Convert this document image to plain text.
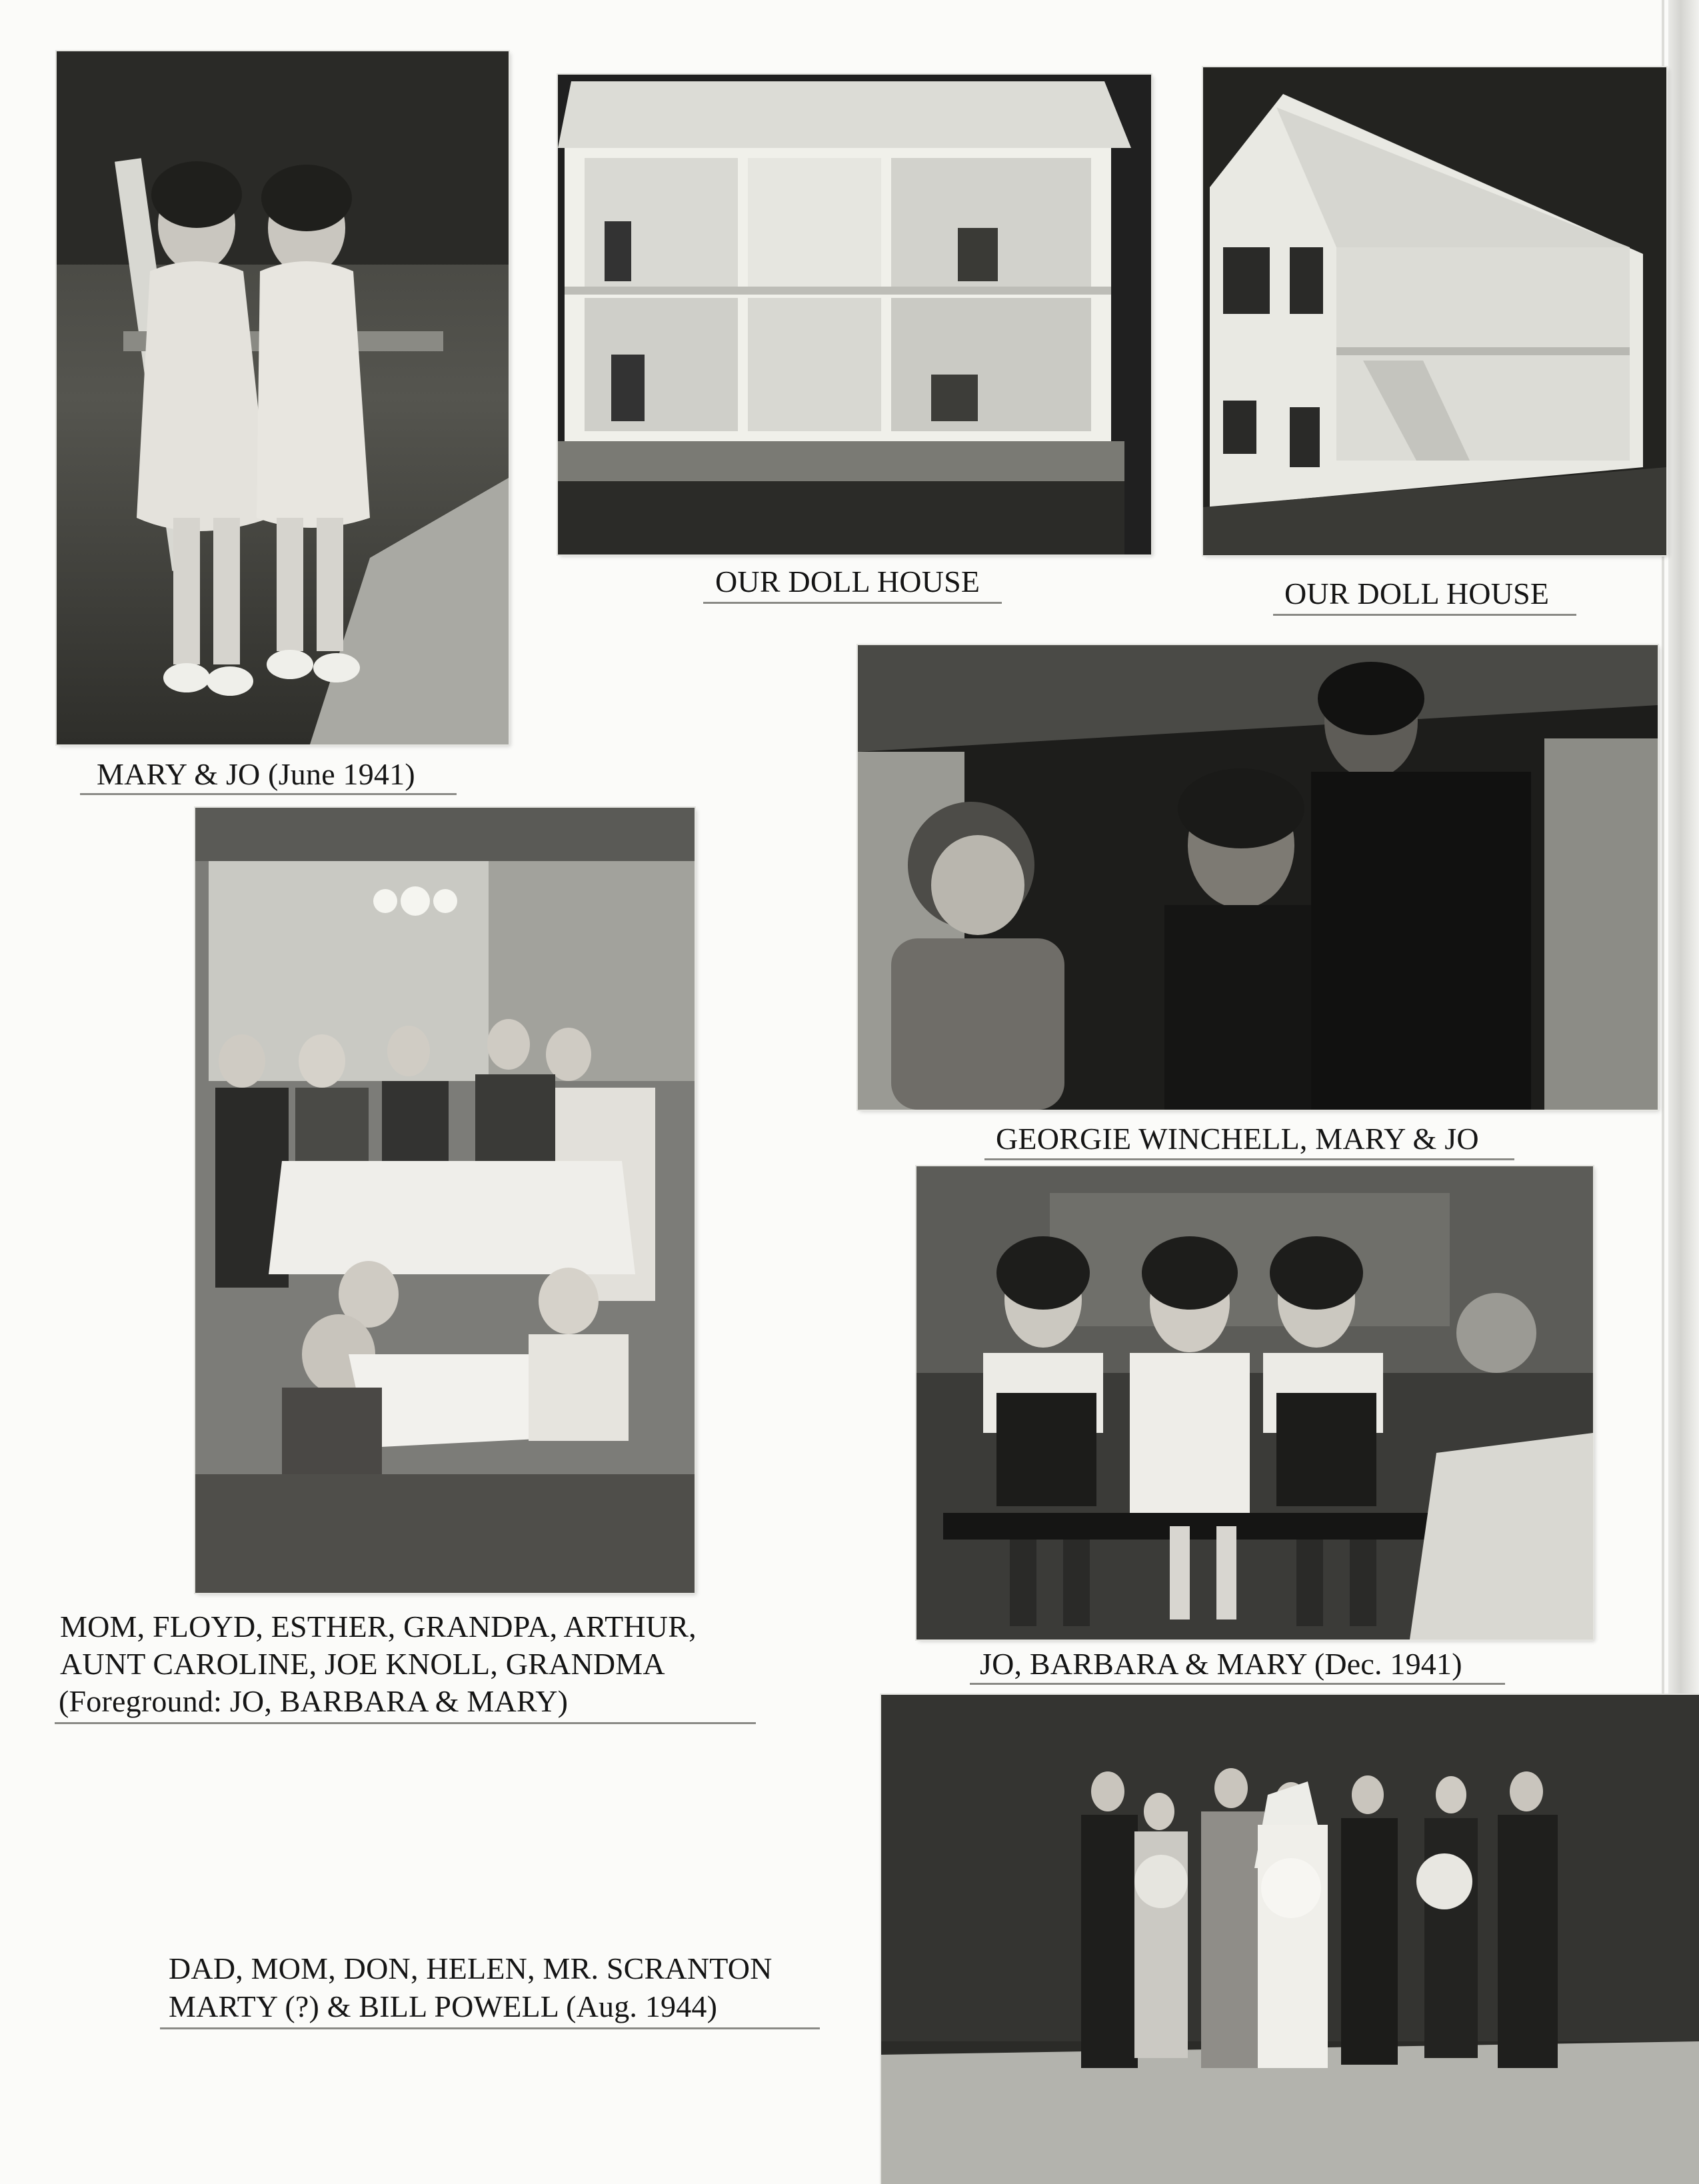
MARY & JO (June 1941)
OUR DOLL HOUSE	OUR DOLL HOUSE
GEORGIE WINCHELL, MARY & JO
MOM, FLOYD, ESTHER, GRANDPA, ARTHUR,
AUNT CAROLINE, JOE KNOLL, GRANDMA
(Foreground: JO, BARBARA & MARY)
JO, BARBARA & MARY (Dec. 1941)
DAD, MOM, DON, HELEN, MR. SCRANTON
MARTY (?) & BILL POWELL (Aug. 1944)
